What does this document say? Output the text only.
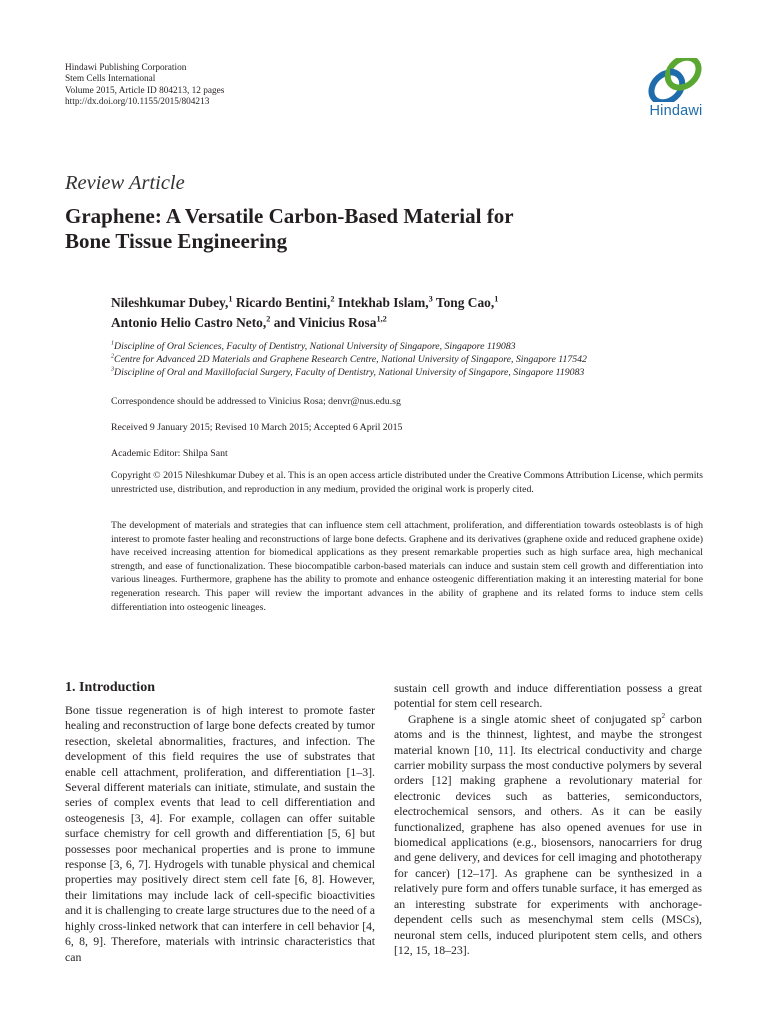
Hindawi Publishing Corporation
Stem Cells International
Volume 2015, Article ID 804213, 12 pages
http://dx.doi.org/10.1155/2015/804213
Hindawi
Review Article
Graphene: A Versatile Carbon-Based Material for
Bone Tissue Engineering
Nileshkumar Dubey,$^1$ Ricardo Bentini,$^2$ Intekhab Islam,$^3$ Tong Cao,$^1$
Antonio Helio Castro Neto,$^2$ and Vinicius Rosa$^{1,2}$
$^1$Discipline of Oral Sciences, Faculty of Dentistry, National University of Singapore, Singapore 119083
$^2$Centre for Advanced 2D Materials and Graphene Research Centre, National University of Singapore, Singapore 117542
$^3$Discipline of Oral and Maxillofacial Surgery, Faculty of Dentistry, National University of Singapore, Singapore 119083
Correspondence should be addressed to Vinicius Rosa; denvr@nus.edu.sg
Received 9 January 2015; Revised 10 March 2015; Accepted 6 April 2015
Academic Editor: Shilpa Sant
Copyright © 2015 Nileshkumar Dubey et al. This is an open access article distributed under the Creative Commons Attribution License, which permits unrestricted use, distribution, and reproduction in any medium, provided the original work is properly cited.
The development of materials and strategies that can influence stem cell attachment, proliferation, and differentiation towards osteoblasts is of high interest to promote faster healing and reconstructions of large bone defects. Graphene and its derivatives (graphene oxide and reduced graphene oxide) have received increasing attention for biomedical applications as they present remarkable properties such as high surface area, high mechanical strength, and ease of functionalization. These biocompatible carbon-based materials can induce and sustain stem cell growth and differentiation into various lineages. Furthermore, graphene has the ability to promote and enhance osteogenic differentiation making it an interesting material for bone regeneration research. This paper will review the important advances in the ability of graphene and its related forms to induce stem cells differentiation into osteogenic lineages.
1. Introduction

Bone tissue regeneration is of high interest to promote faster healing and reconstruction of large bone defects created by tumor resection, skeletal abnormalities, fractures, and infection. The development of this field requires the use of substrates that enable cell attachment, proliferation, and differentiation [1–3]. Several different materials can initiate, stimulate, and sustain the series of complex events that lead to cell differentiation and osteogenesis [3, 4]. For example, collagen can offer suitable surface chemistry for cell growth and differentiation [5, 6] but possesses poor mechanical properties and is prone to immune response [3, 6, 7]. Hydrogels with tunable physical and chemical properties may positively direct stem cell fate [6, 8]. However, their limitations may include lack of cell-specific bioactivities and it is challenging to create large structures due to the need of a highly cross-linked network that can interfere in cell behavior [4, 6, 8, 9]. Therefore, materials with intrinsic characteristics that can

sustain cell growth and induce differentiation possess a great potential for stem cell research.

Graphene is a single atomic sheet of conjugated $sp^2$ carbon atoms and is the thinnest, lightest, and maybe the strongest material known [10, 11]. Its electrical conductivity and charge carrier mobility surpass the most conductive polymers by several orders [12] making graphene a revolutionary material for electronic devices such as batteries, semiconductors, electrochemical sensors, and others. As it can be easily functionalized, graphene has also opened avenues for use in biomedical applications (e.g., biosensors, nanocarriers for drug and gene delivery, and devices for cell imaging and phototherapy for cancer) [12–17]. As graphene can be synthesized in a relatively pure form and offers tunable surface, it has emerged as an interesting substrate for experiments with anchorage-dependent cells such as mesenchymal stem cells (MSCs), neuronal stem cells, induced pluripotent stem cells, and others [12, 15, 18–23].
